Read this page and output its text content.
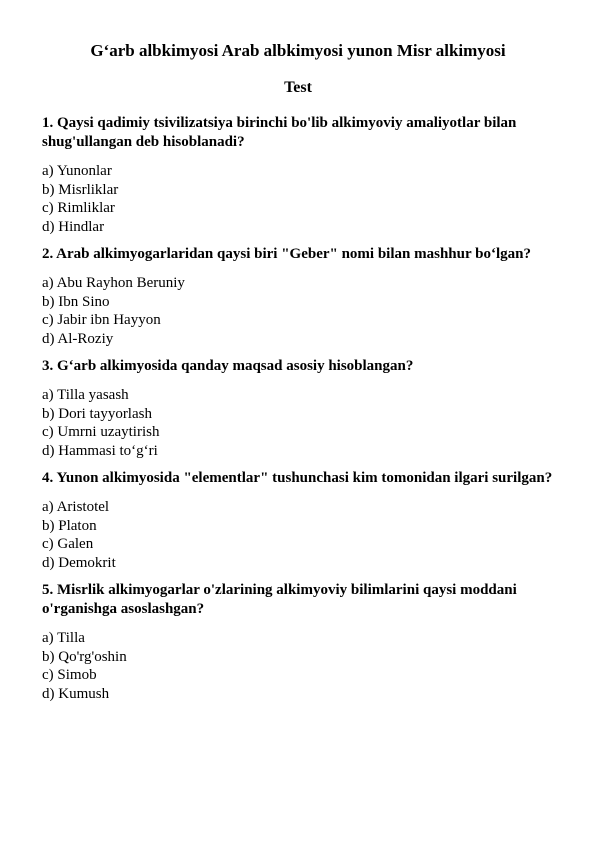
G‘arb albkimyosi Arab albkimyosi yunon Misr alkimyosi
Test

1. Qaysi qadimiy tsivilizatsiya birinchi bo'lib alkimyoviy amaliyotlar bilan shug'ullangan deb hisoblanadi?

a) Yunonlar
b) Misrliklar
c) Rimliklar
d) Hindlar

2. Arab alkimyogarlaridan qaysi biri "Geber" nomi bilan mashhur bo‘lgan?

a) Abu Rayhon Beruniy
b) Ibn Sino
c) Jabir ibn Hayyon
d) Al-Roziy

3. G‘arb alkimyosida qanday maqsad asosiy hisoblangan?

a) Tilla yasash
b) Dori tayyorlash
c) Umrni uzaytirish
d) Hammasi to‘g‘ri

4. Yunon alkimyosida "elementlar" tushunchasi kim tomonidan ilgari surilgan?

a) Aristotel
b) Platon
c) Galen
d) Demokrit

5. Misrlik alkimyogarlar o'zlarining alkimyoviy bilimlarini qaysi moddani o'rganishga asoslashgan?

a) Tilla
b) Qo'rg'oshin
c) Simob
d) Kumush
